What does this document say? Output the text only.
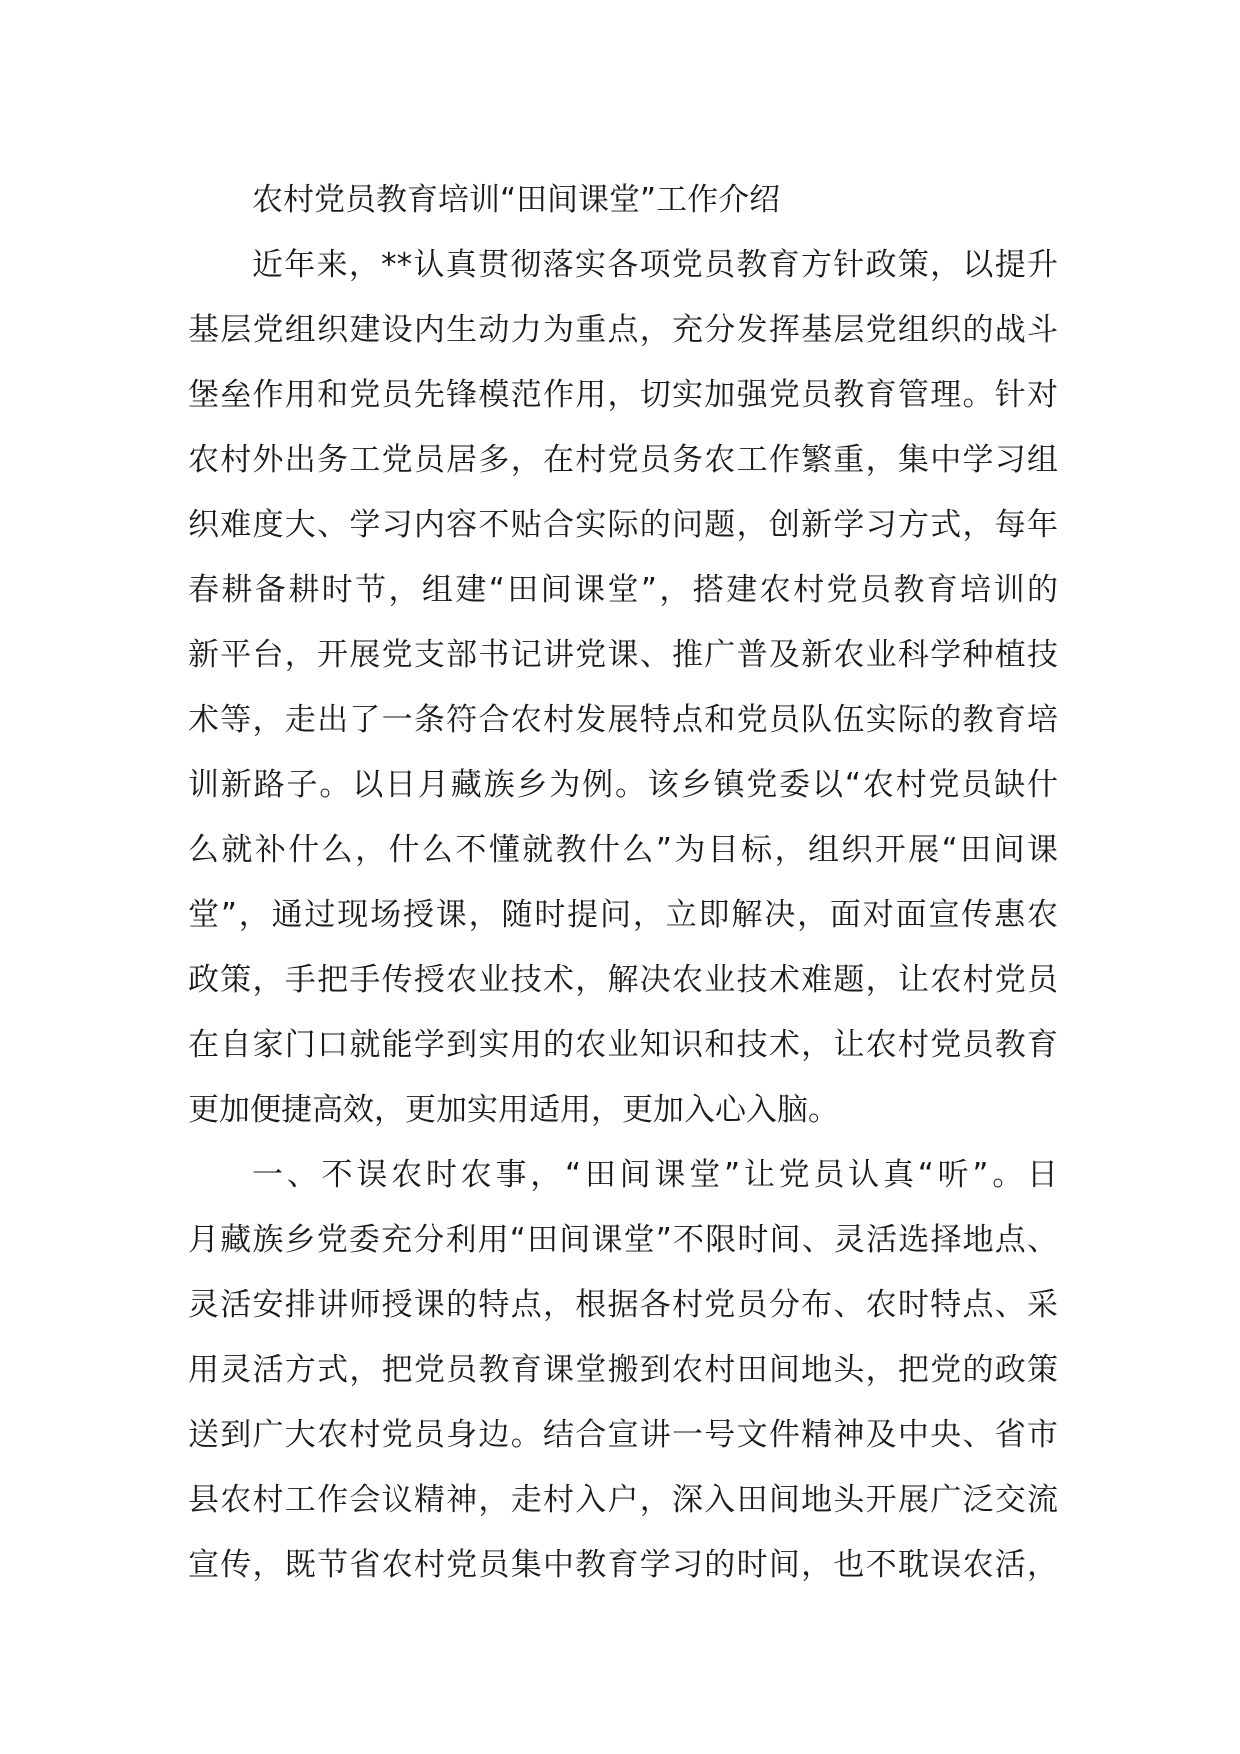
农村党员教育培训“田间课堂”工作介绍

近年来，**认真贯彻落实各项党员教育方针政策，以提升
基层党组织建设内生动力为重点，充分发挥基层党组织的战斗
堡垒作用和党员先锋模范作用，切实加强党员教育管理。针对
农村外出务工党员居多，在村党员务农工作繁重，集中学习组
织难度大、学习内容不贴合实际的问题，创新学习方式，每年
春耕备耕时节，组建“田间课堂”，搭建农村党员教育培训的
新平台，开展党支部书记讲党课、推广普及新农业科学种植技
术等，走出了一条符合农村发展特点和党员队伍实际的教育培
训新路子。以日月藏族乡为例。该乡镇党委以“农村党员缺什
么就补什么，什么不懂就教什么”为目标，组织开展“田间课
堂”，通过现场授课，随时提问，立即解决，面对面宣传惠农
政策，手把手传授农业技术，解决农业技术难题，让农村党员
在自家门口就能学到实用的农业知识和技术，让农村党员教育
更加便捷高效，更加实用适用，更加入心入脑。

一、不误农时农事，“田间课堂”让党员认真“听”。日
月藏族乡党委充分利用“田间课堂”不限时间、灵活选择地点、
灵活安排讲师授课的特点，根据各村党员分布、农时特点、采
用灵活方式，把党员教育课堂搬到农村田间地头，把党的政策
送到广大农村党员身边。结合宣讲一号文件精神及中央、省市
县农村工作会议精神，走村入户，深入田间地头开展广泛交流
宣传，既节省农村党员集中教育学习的时间，也不耽误农活，
